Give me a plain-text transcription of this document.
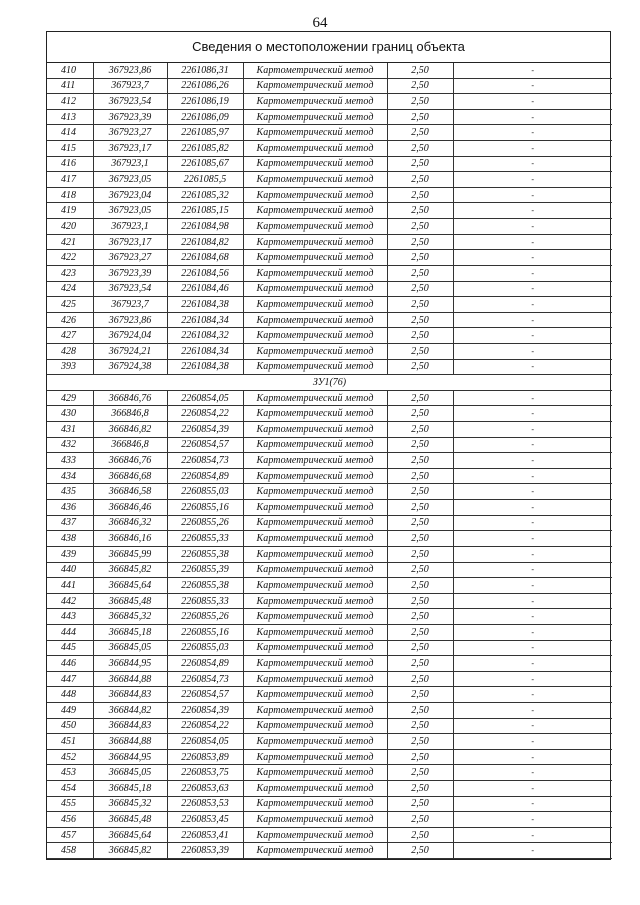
64
Сведения о местоположении границ объекта
410	367923,86	2261086,31	Картометрический метод	2,50	-
411	367923,7	2261086,26	Картометрический метод	2,50	-
412	367923,54	2261086,19	Картометрический метод	2,50	-
413	367923,39	2261086,09	Картометрический метод	2,50	-
414	367923,27	2261085,97	Картометрический метод	2,50	-
415	367923,17	2261085,82	Картометрический метод	2,50	-
416	367923,1	2261085,67	Картометрический метод	2,50	-
417	367923,05	2261085,5	Картометрический метод	2,50	-
418	367923,04	2261085,32	Картометрический метод	2,50	-
419	367923,05	2261085,15	Картометрический метод	2,50	-
420	367923,1	2261084,98	Картометрический метод	2,50	-
421	367923,17	2261084,82	Картометрический метод	2,50	-
422	367923,27	2261084,68	Картометрический метод	2,50	-
423	367923,39	2261084,56	Картометрический метод	2,50	-
424	367923,54	2261084,46	Картометрический метод	2,50	-
425	367923,7	2261084,38	Картометрический метод	2,50	-
426	367923,86	2261084,34	Картометрический метод	2,50	-
427	367924,04	2261084,32	Картометрический метод	2,50	-
428	367924,21	2261084,34	Картометрический метод	2,50	-
393	367924,38	2261084,38	Картометрический метод	2,50	-
ЗУ1(76)					
429	366846,76	2260854,05	Картометрический метод	2,50	-
430	366846,8	2260854,22	Картометрический метод	2,50	-
431	366846,82	2260854,39	Картометрический метод	2,50	-
432	366846,8	2260854,57	Картометрический метод	2,50	-
433	366846,76	2260854,73	Картометрический метод	2,50	-
434	366846,68	2260854,89	Картометрический метод	2,50	-
435	366846,58	2260855,03	Картометрический метод	2,50	-
436	366846,46	2260855,16	Картометрический метод	2,50	-
437	366846,32	2260855,26	Картометрический метод	2,50	-
438	366846,16	2260855,33	Картометрический метод	2,50	-
439	366845,99	2260855,38	Картометрический метод	2,50	-
440	366845,82	2260855,39	Картометрический метод	2,50	-
441	366845,64	2260855,38	Картометрический метод	2,50	-
442	366845,48	2260855,33	Картометрический метод	2,50	-
443	366845,32	2260855,26	Картометрический метод	2,50	-
444	366845,18	2260855,16	Картометрический метод	2,50	-
445	366845,05	2260855,03	Картометрический метод	2,50	-
446	366844,95	2260854,89	Картометрический метод	2,50	-
447	366844,88	2260854,73	Картометрический метод	2,50	-
448	366844,83	2260854,57	Картометрический метод	2,50	-
449	366844,82	2260854,39	Картометрический метод	2,50	-
450	366844,83	2260854,22	Картометрический метод	2,50	-
451	366844,88	2260854,05	Картометрический метод	2,50	-
452	366844,95	2260853,89	Картометрический метод	2,50	-
453	366845,05	2260853,75	Картометрический метод	2,50	-
454	366845,18	2260853,63	Картометрический метод	2,50	-
455	366845,32	2260853,53	Картометрический метод	2,50	-
456	366845,48	2260853,45	Картометрический метод	2,50	-
457	366845,64	2260853,41	Картометрический метод	2,50	-
458	366845,82	2260853,39	Картометрический метод	2,50	-
